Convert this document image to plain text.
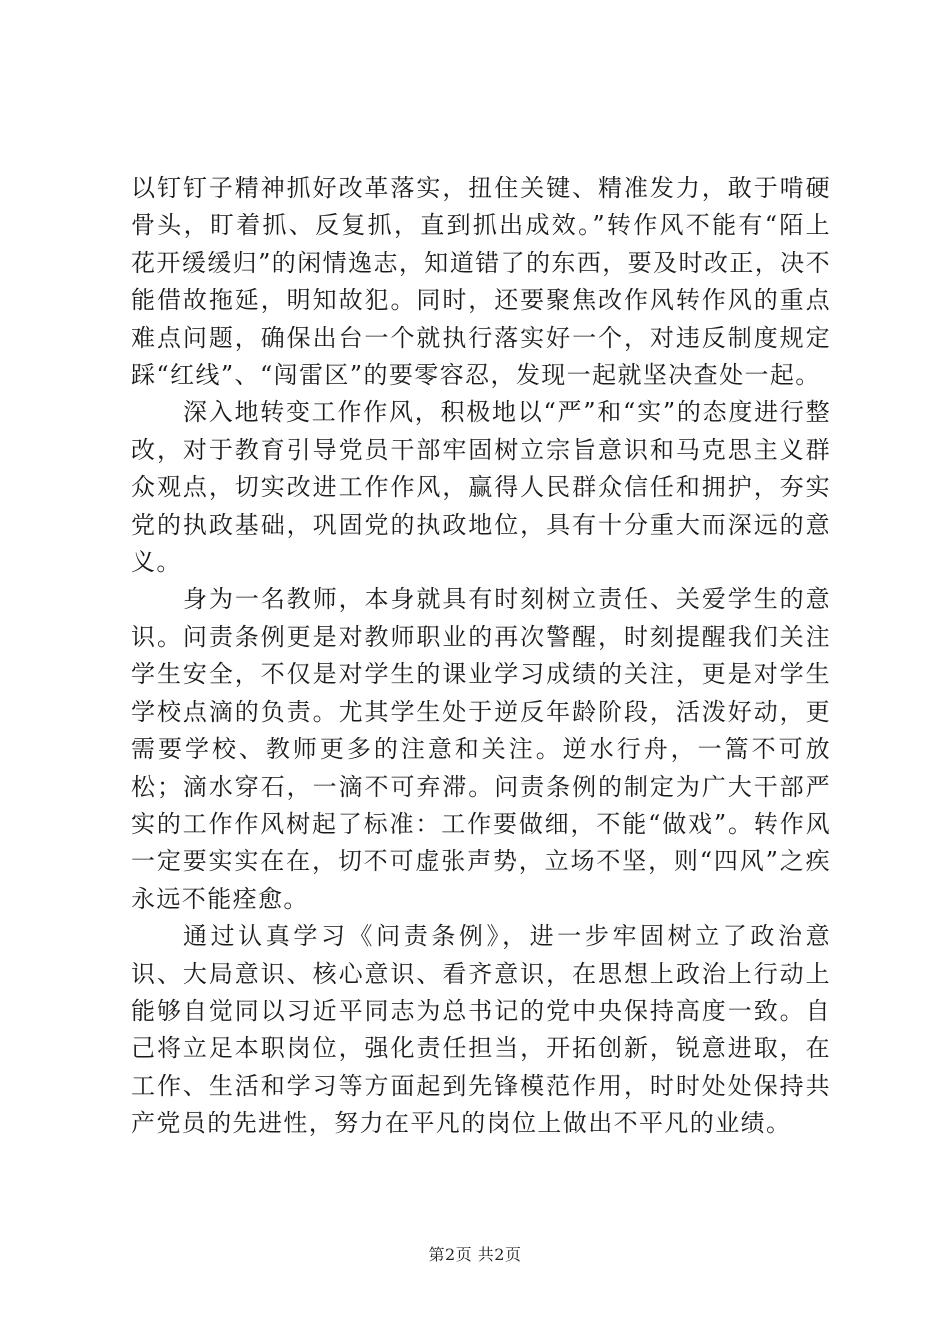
以钉钉子精神抓好改革落实，扭住关键、精准发力，敢于啃硬骨头，盯着抓、反复抓，直到抓出成效。”转作风不能有“陌上花开缓缓归”的闲情逸志，知道错了的东西，要及时改正，决不能借故拖延，明知故犯。同时，还要聚焦改作风转作风的重点难点问题，确保出台一个就执行落实好一个，对违反制度规定踩“红线”、“闯雷区”的要零容忍，发现一起就坚决查处一起。

深入地转变工作作风，积极地以“严”和“实”的态度进行整改，对于教育引导党员干部牢固树立宗旨意识和马克思主义群众观点，切实改进工作作风，赢得人民群众信任和拥护，夯实党的执政基础，巩固党的执政地位，具有十分重大而深远的意义。

身为一名教师，本身就具有时刻树立责任、关爱学生的意识。问责条例更是对教师职业的再次警醒，时刻提醒我们关注学生安全，不仅是对学生的课业学习成绩的关注，更是对学生学校点滴的负责。尤其学生处于逆反年龄阶段，活泼好动，更需要学校、教师更多的注意和关注。逆水行舟，一篙不可放松；滴水穿石，一滴不可弃滞。问责条例的制定为广大干部严实的工作作风树起了标准：工作要做细，不能“做戏”。转作风一定要实实在在，切不可虚张声势，立场不坚，则“四风”之疾永远不能痊愈。

通过认真学习《问责条例》，进一步牢固树立了政治意识、大局意识、核心意识、看齐意识，在思想上政治上行动上能够自觉同以习近平同志为总书记的党中央保持高度一致。自己将立足本职岗位，强化责任担当，开拓创新，锐意进取，在工作、生活和学习等方面起到先锋模范作用，时时处处保持共产党员的先进性，努力在平凡的岗位上做出不平凡的业绩。

第2页 共2页
